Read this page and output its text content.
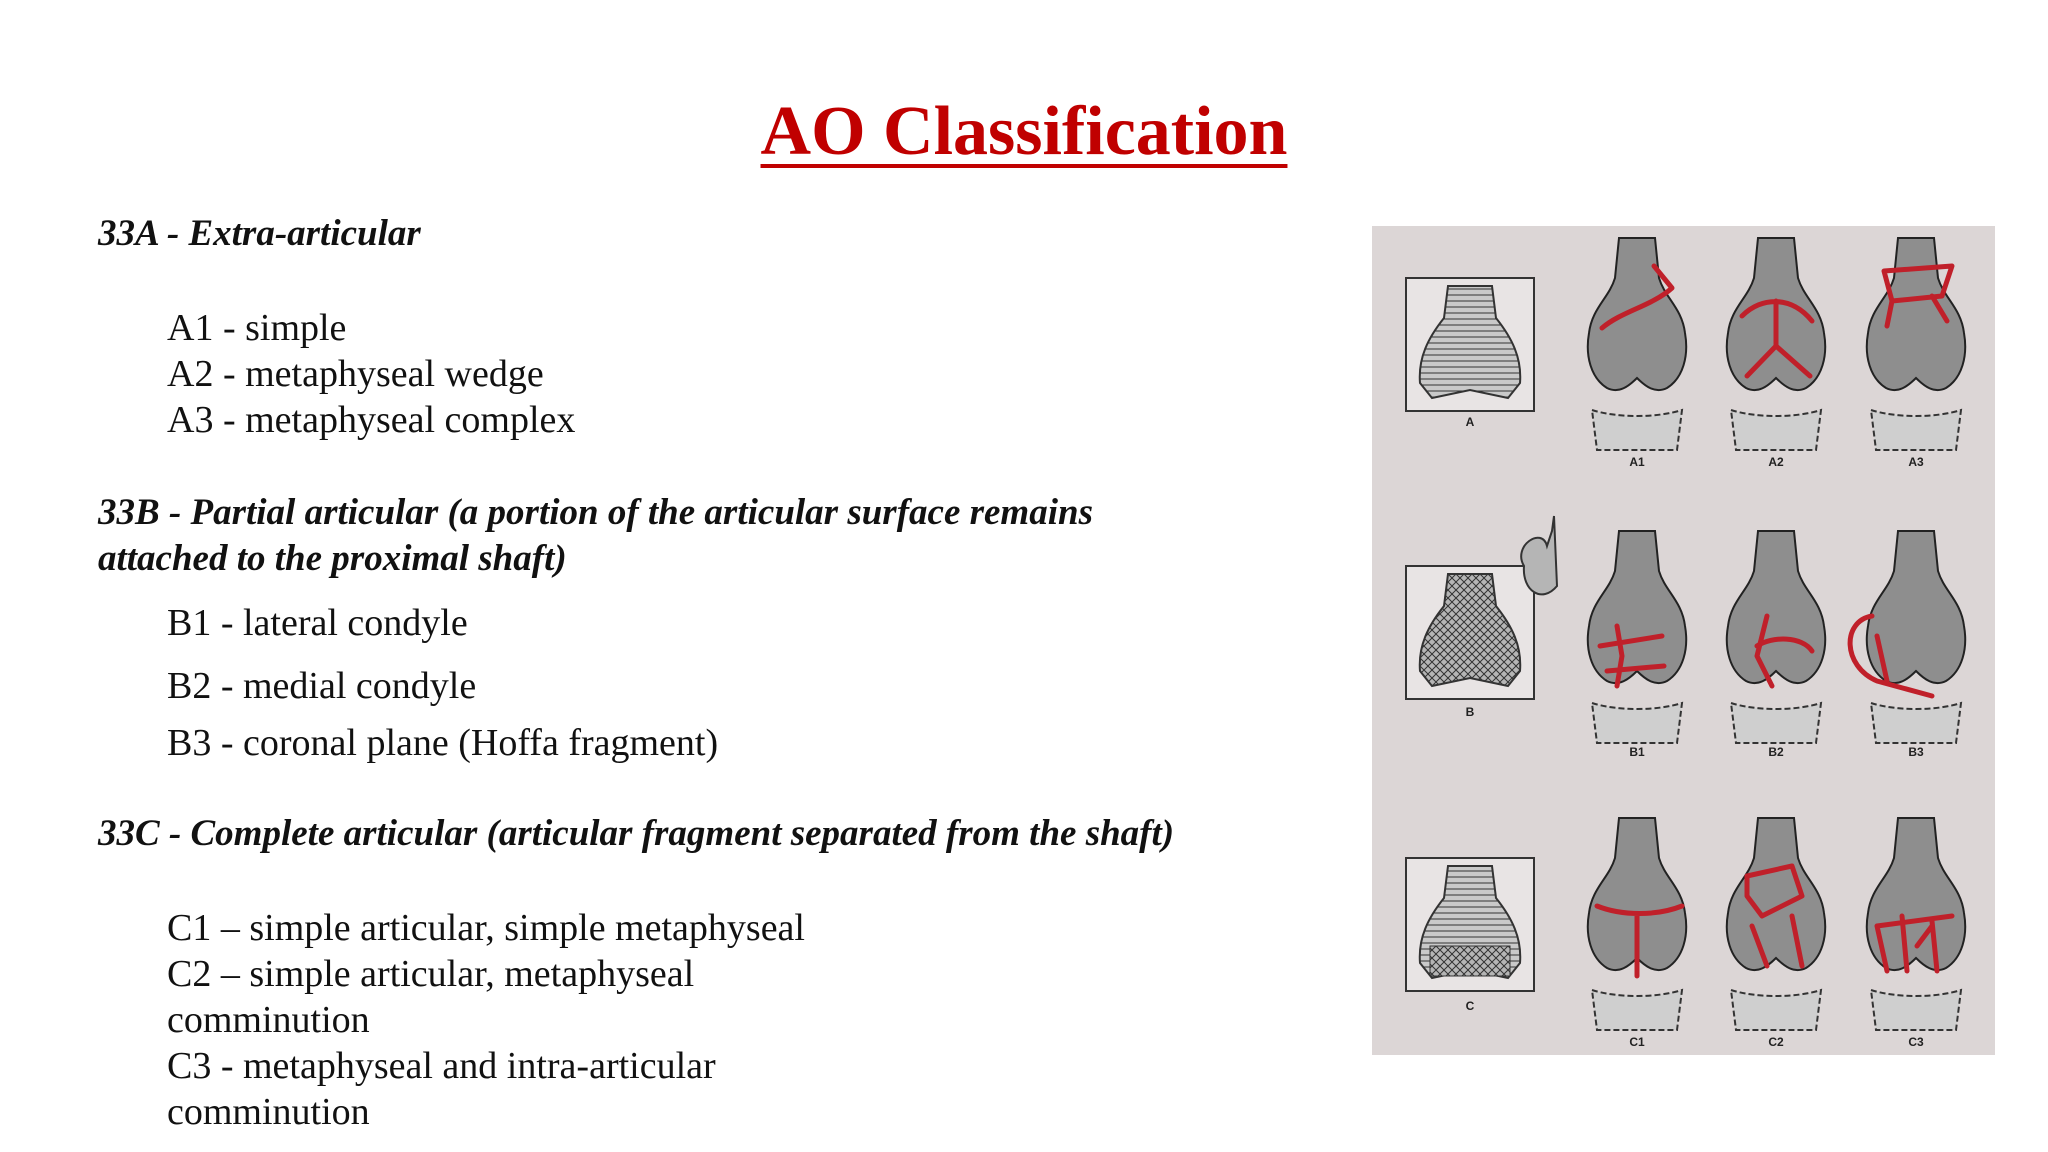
AO Classification
33A - Extra-articular
A1 - simple
A2 - metaphyseal wedge
A3 - metaphyseal complex
33B - Partial articular (a portion of the articular surface remains
attached to the proximal shaft)
B1 - lateral condyle
B2 - medial condyle
B3 - coronal plane (Hoffa fragment)
33C - Complete articular (articular fragment separated from the shaft)
C1 – simple articular, simple metaphyseal
C2 – simple articular, metaphyseal
comminution
C3 - metaphyseal and intra-articular
comminution
A
A1	A2	A3
B
B1	B2	B3
C
C1	C2	C3
